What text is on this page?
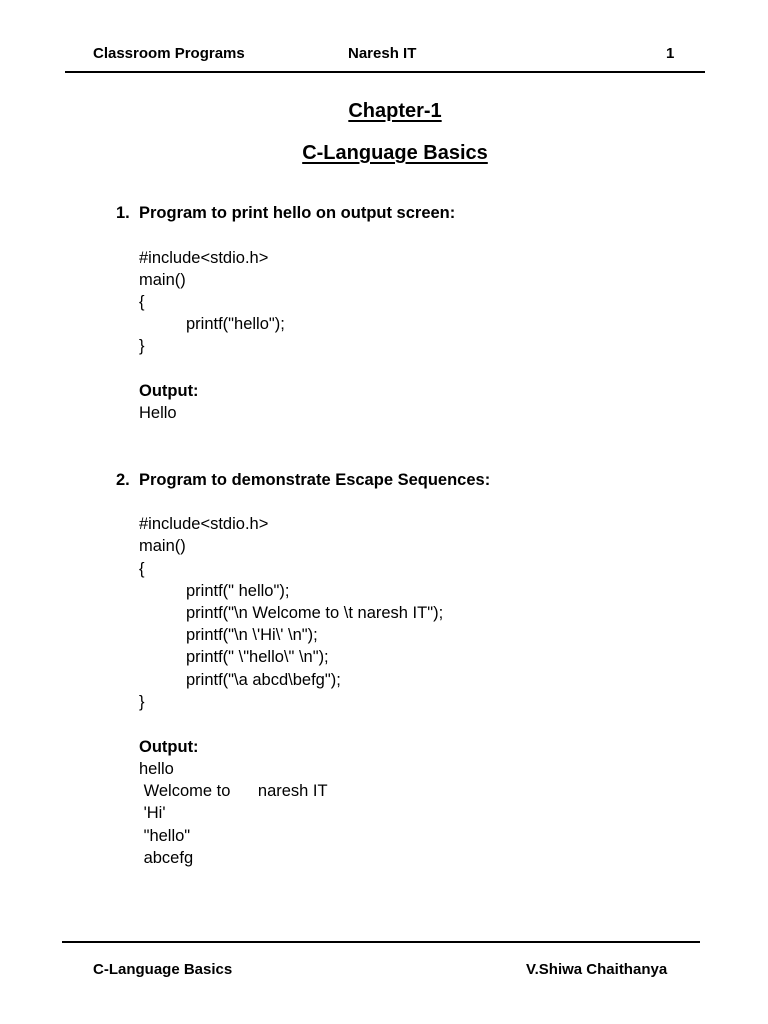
Classroom Programs	Naresh IT	1
Chapter-1
C-Language Basics
1. Program to print hello on output screen:
#include<stdio.h>
main()
{
printf("hello");
}
Output:
Hello
2. Program to demonstrate Escape Sequences:
#include<stdio.h>
main()
{
printf(" hello");
printf("\n Welcome to \t naresh IT");
printf("\n \'Hi\' \n");
printf(" \"hello\" \n");
printf("\a abcd\befg");
}
Output:
hello
Welcome to      naresh IT
'Hi'
"hello"
abcefg
C-Language Basics	V.Shiwa Chaithanya
